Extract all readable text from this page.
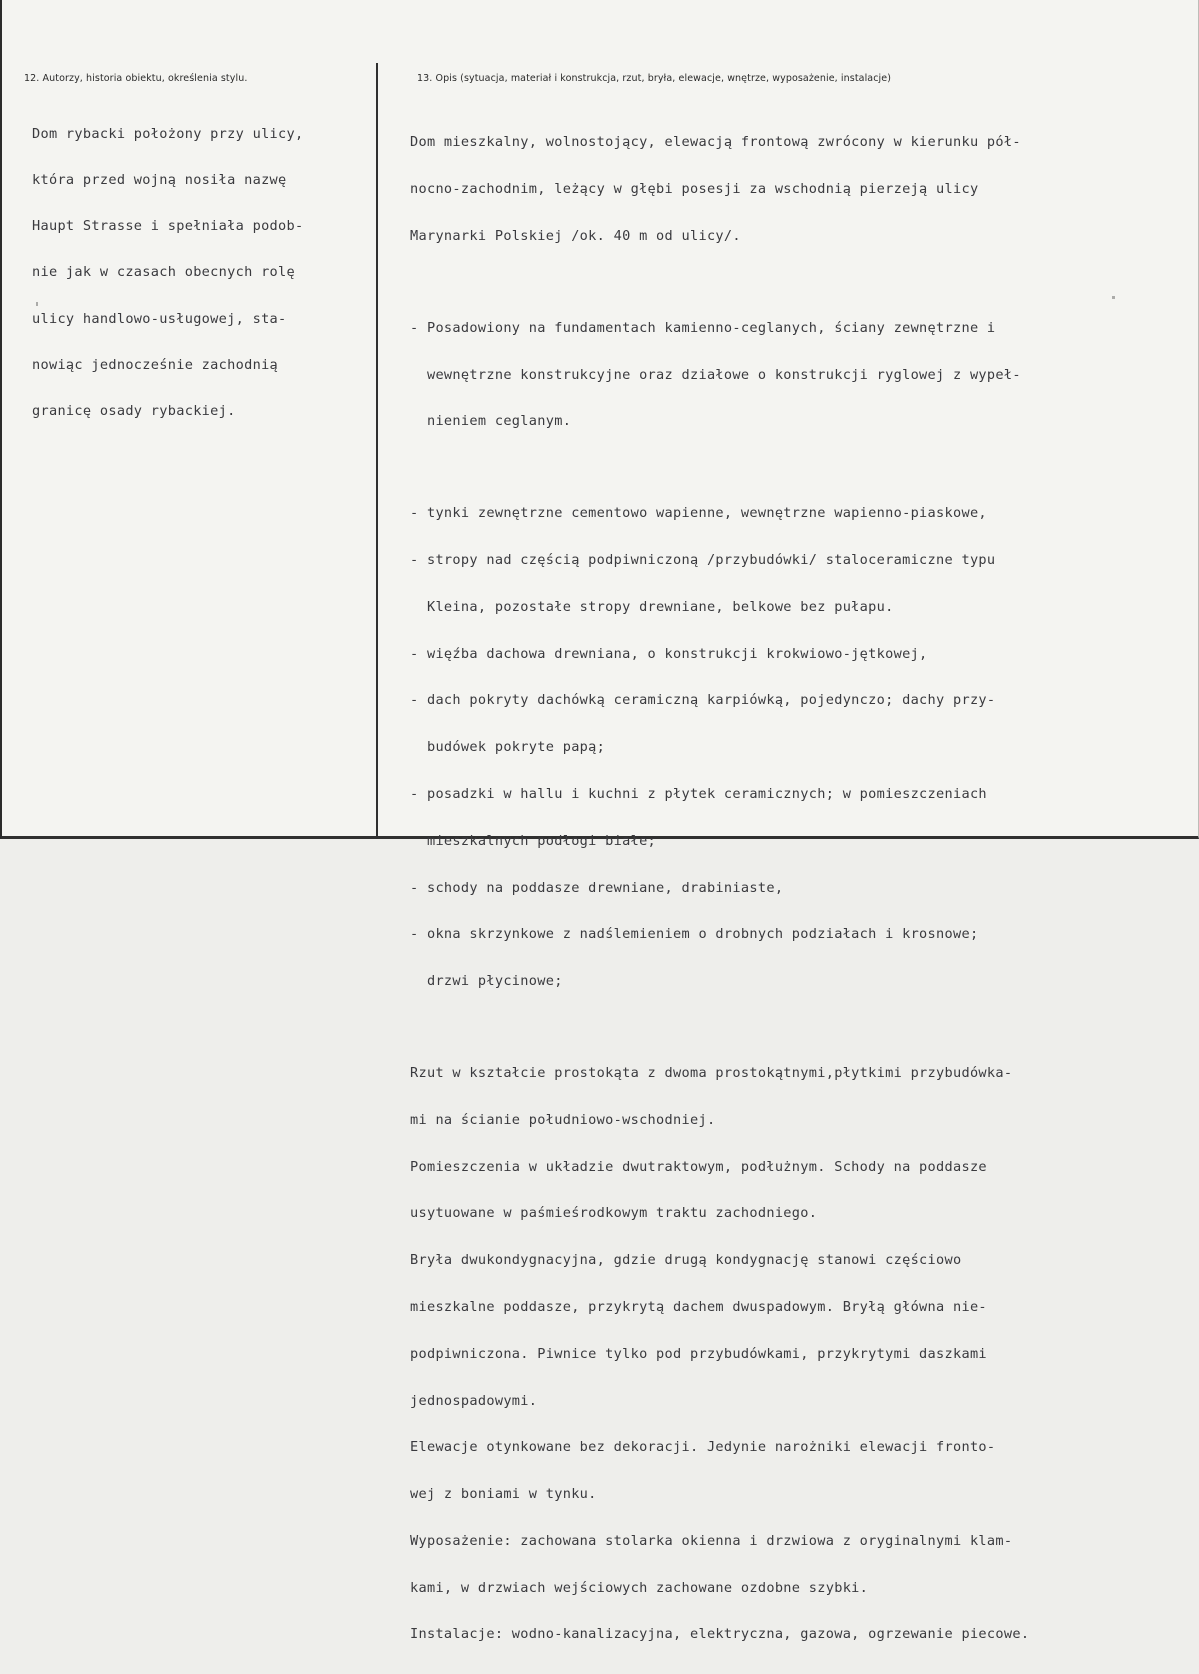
12. Autorzy, historia obiektu, określenia stylu.	13. Opis (sytuacja, materiał i konstrukcja, rzut, bryła, elewacje, wnętrze, wyposażenie, instalacje)

Dom rybacki położony przy ulicy,

która przed wojną nosiła nazwę

Haupt Strasse i spełniała podob-

nie jak w czasach obecnych rolę

ulicy handlowo-usługowej, sta-

nowiąc jednocześnie zachodnią

granicę osady rybackiej.

Dom mieszkalny, wolnostojący, elewacją frontową zwrócony w kierunku pół-

nocno-zachodnim, leżący w głębi posesji za wschodnią pierzeją ulicy

Marynarki Polskiej /ok. 40 m od ulicy/.

- Posadowiony na fundamentach kamienno-ceglanych, ściany zewnętrzne i

wewnętrzne konstrukcyjne oraz działowe o konstrukcji ryglowej z wypeł-

nieniem ceglanym.

- tynki zewnętrzne cementowo wapienne, wewnętrzne wapienno-piaskowe,

- stropy nad częścią podpiwniczoną /przybudówki/ staloceramiczne typu

Kleina, pozostałe stropy drewniane, belkowe bez pułapu.

- więźba dachowa drewniana, o konstrukcji krokwiowo-jętkowej,

- dach pokryty dachówką ceramiczną karpiówką, pojedynczo; dachy przy-

budówek pokryte papą;

- posadzki w hallu i kuchni z płytek ceramicznych; w pomieszczeniach

mieszkalnych podłogi białe;

- schody na poddasze drewniane, drabiniaste,

- okna skrzynkowe z nadślemieniem o drobnych podziałach i krosnowe;

drzwi płycinowe;

Rzut w kształcie prostokąta z dwoma prostokątnymi,płytkimi przybudówka-

mi na ścianie południowo-wschodniej.

Pomieszczenia w układzie dwutraktowym, podłużnym. Schody na poddasze

usytuowane w paśmieśrodkowym traktu zachodniego.

Bryła dwukondygnacyjna, gdzie drugą kondygnację stanowi częściowo

mieszkalne poddasze, przykrytą dachem dwuspadowym. Bryłą główna nie-

podpiwniczona. Piwnice tylko pod przybudówkami, przykrytymi daszkami

jednospadowymi.

Elewacje otynkowane bez dekoracji. Jedynie narożniki elewacji fronto-

wej z boniami w tynku.

Wyposażenie: zachowana stolarka okienna i drzwiowa z oryginalnymi klam-

kami, w drzwiach wejściowych zachowane ozdobne szybki.

Instalacje: wodno-kanalizacyjna, elektryczna, gazowa, ogrzewanie piecowe.
